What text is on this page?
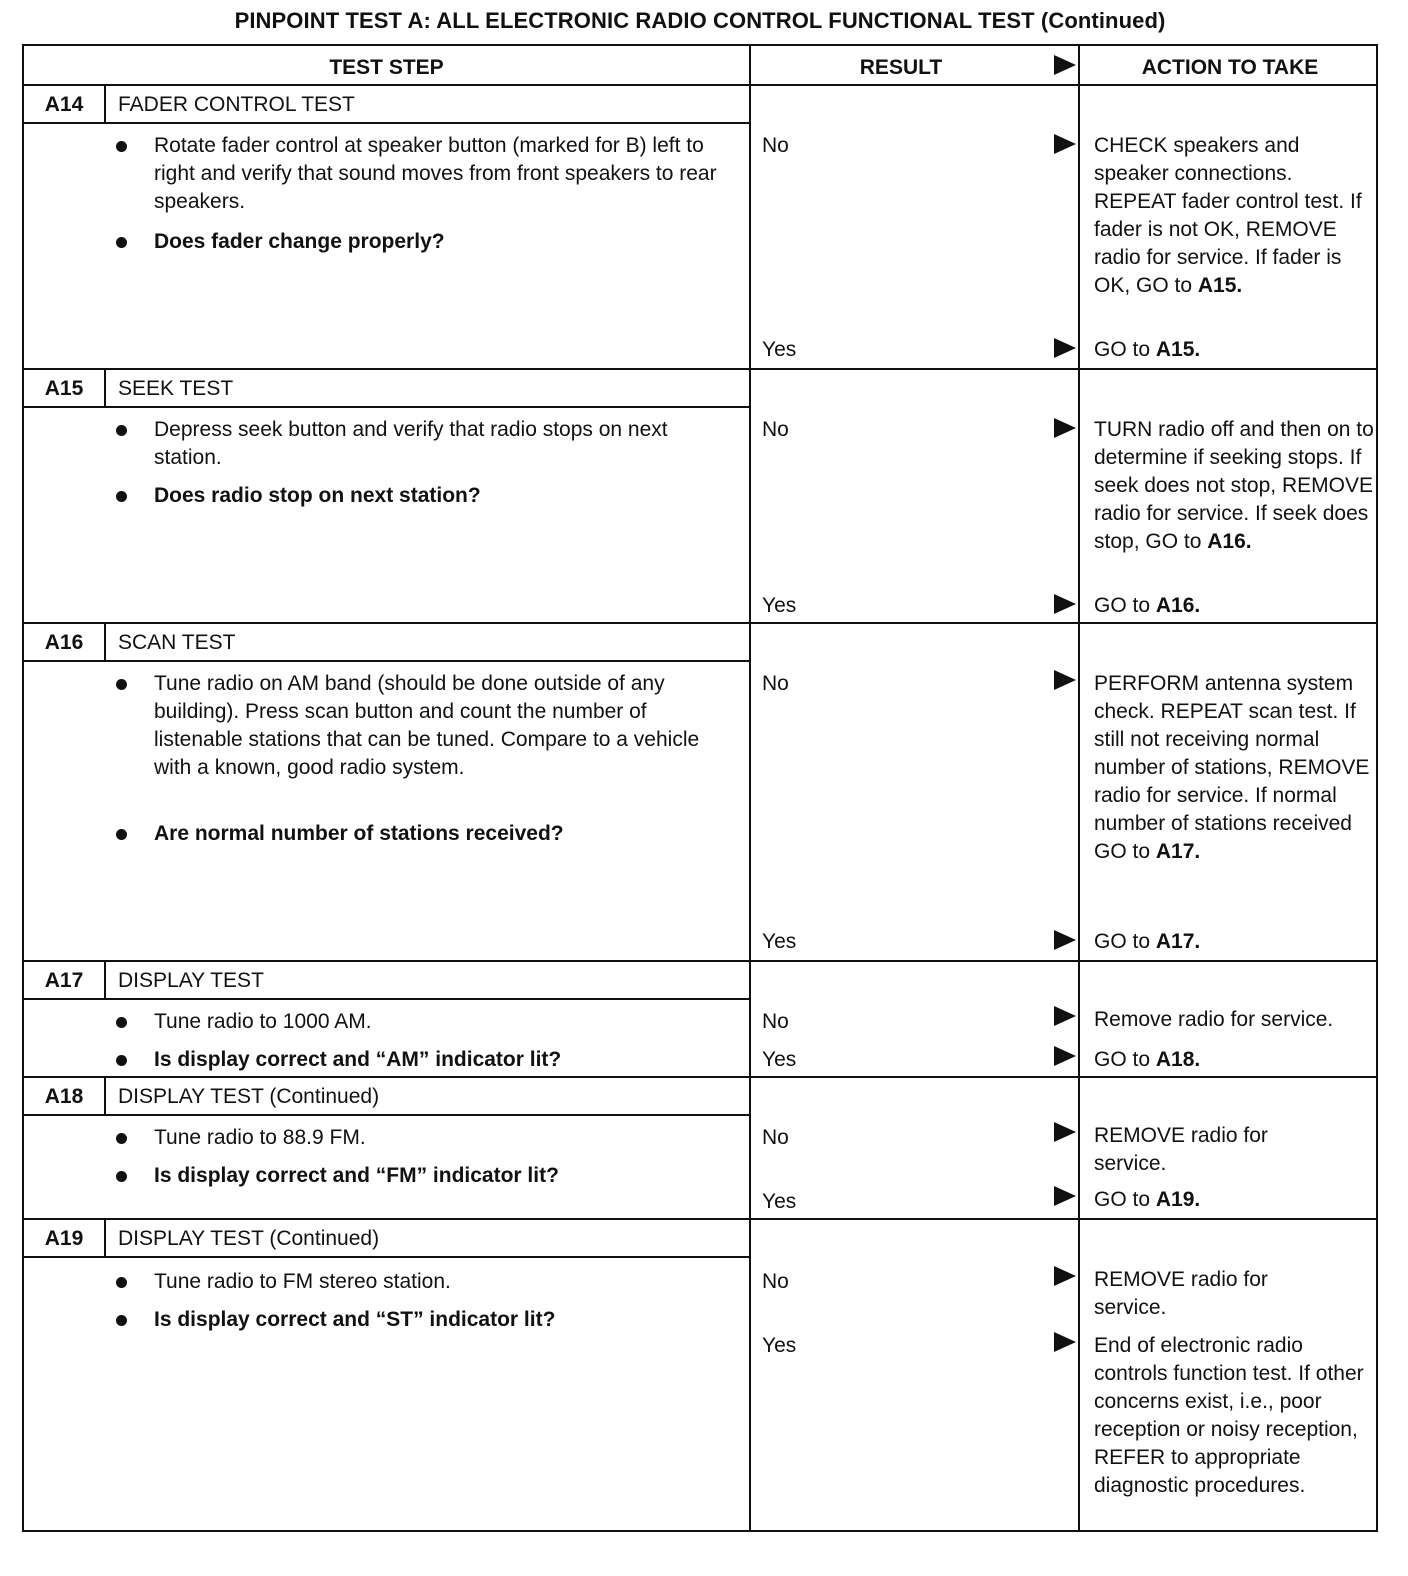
PINPOINT TEST A: ALL ELECTRONIC RADIO CONTROL FUNCTIONAL TEST (Continued)
TEST STEP	RESULT	ACTION TO TAKE
A14	FADER CONTROL TEST
Rotate fader control at speaker button (marked for B) left to right and verify that sound moves from front speakers to rear speakers.
Does fader change properly?
No	CHECK speakers and speaker connections. REPEAT fader control test. If fader is not OK, REMOVE radio for service. If fader is OK, GO to A15.
Yes	GO to A15.
A15	SEEK TEST
Depress seek button and verify that radio stops on next station.
Does radio stop on next station?
No	TURN radio off and then on to determine if seeking stops. If seek does not stop, REMOVE radio for service. If seek does stop, GO to A16.
Yes	GO to A16.
A16	SCAN TEST
Tune radio on AM band (should be done outside of any building). Press scan button and count the number of listenable stations that can be tuned. Compare to a vehicle with a known, good radio system.
Are normal number of stations received?
No	PERFORM antenna system check. REPEAT scan test. If still not receiving normal number of stations, REMOVE radio for service. If normal number of stations received GO to A17.
Yes	GO to A17.
A17	DISPLAY TEST
Tune radio to 1000 AM.
Is display correct and “AM” indicator lit?
No	Remove radio for service.
Yes	GO to A18.
A18	DISPLAY TEST (Continued)
Tune radio to 88.9 FM.
Is display correct and “FM” indicator lit?
No	REMOVE radio for service.
Yes	GO to A19.
A19	DISPLAY TEST (Continued)
Tune radio to FM stereo station.
Is display correct and “ST” indicator lit?
No	REMOVE radio for service.
Yes	End of electronic radio controls function test. If other concerns exist, i.e., poor reception or noisy reception, REFER to appropriate diagnostic procedures.
